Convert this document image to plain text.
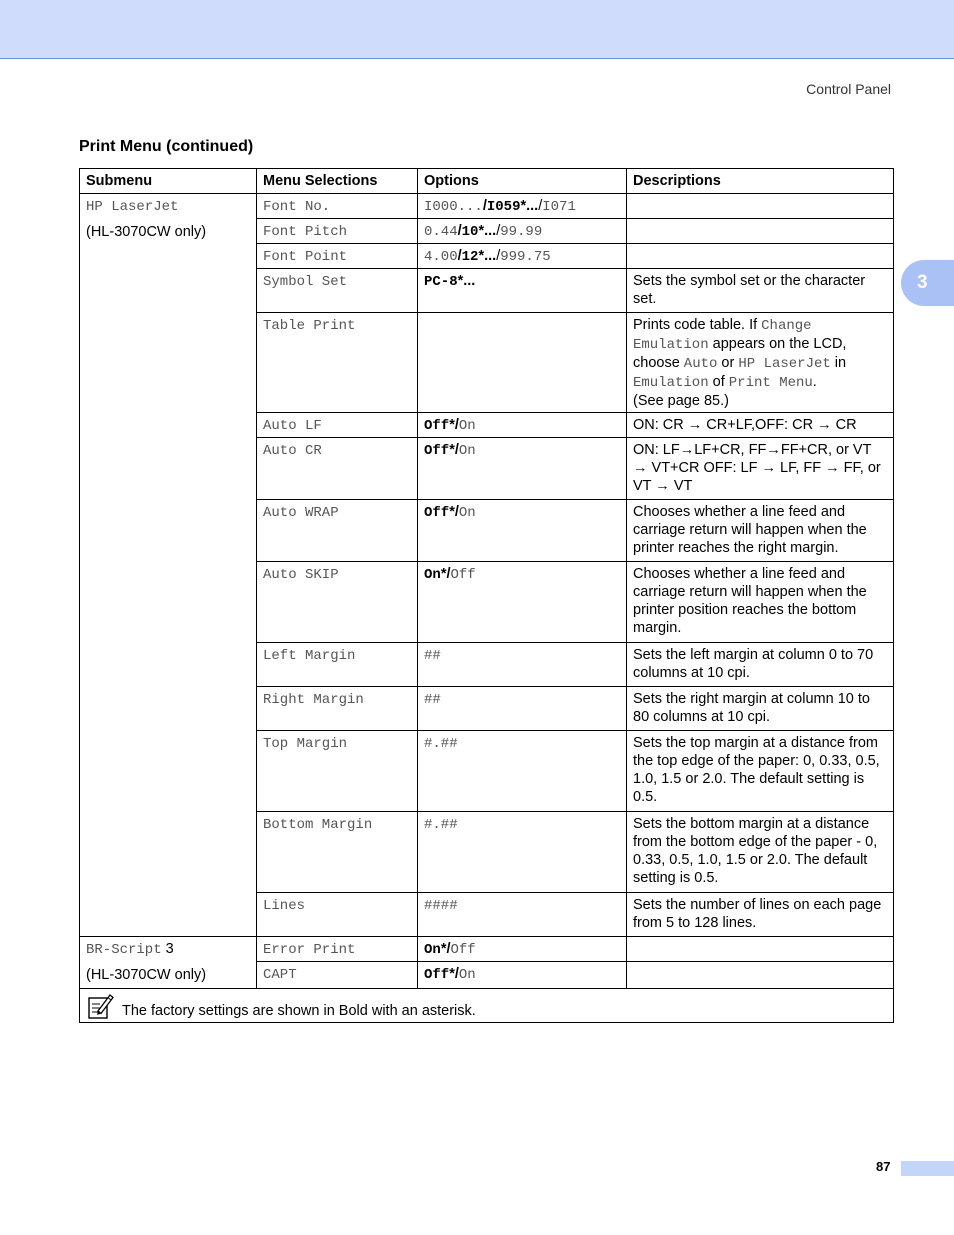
Control Panel
3
Print Menu (continued)
Submenu	Menu Selections	Options	Descriptions
HP LaserJet
(HL-3070CW only)	Font No.	I000.../I059*.../I071	
	Font Pitch	0.44/10*.../99.99	
	Font Point	4.00/12*.../999.75	
	Symbol Set	PC-8*...	Sets the symbol set or the character set.
	Table Print		Prints code table. If Change Emulation appears on the LCD, choose Auto or HP LaserJet in Emulation of Print Menu.
(See page 85.)
	Auto LF	Off*/On	ON: CR → CR+LF,OFF: CR → CR
	Auto CR	Off*/On	ON: LF→LF+CR, FF→FF+CR, or VT → VT+CR OFF: LF → LF, FF → FF, or VT → VT
	Auto WRAP	Off*/On	Chooses whether a line feed and carriage return will happen when the printer reaches the right margin.
	Auto SKIP	On*/Off	Chooses whether a line feed and carriage return will happen when the printer position reaches the bottom margin.
	Left Margin	##	Sets the left margin at column 0 to 70 columns at 10 cpi.
	Right Margin	##	Sets the right margin at column 10 to 80 columns at 10 cpi.
	Top Margin	#.##	Sets the top margin at a distance from the top edge of the paper: 0, 0.33, 0.5, 1.0, 1.5 or 2.0. The default setting is 0.5.
	Bottom Margin	#.##	Sets the bottom margin at a distance from the bottom edge of the paper - 0, 0.33, 0.5, 1.0, 1.5 or 2.0. The default setting is 0.5.
	Lines	####	Sets the number of lines on each page from 5 to 128 lines.
BR-Script 3
(HL-3070CW only)	Error Print	On*/Off	
	CAPT	Off*/On	

The factory settings are shown in Bold with an asterisk.			
87
